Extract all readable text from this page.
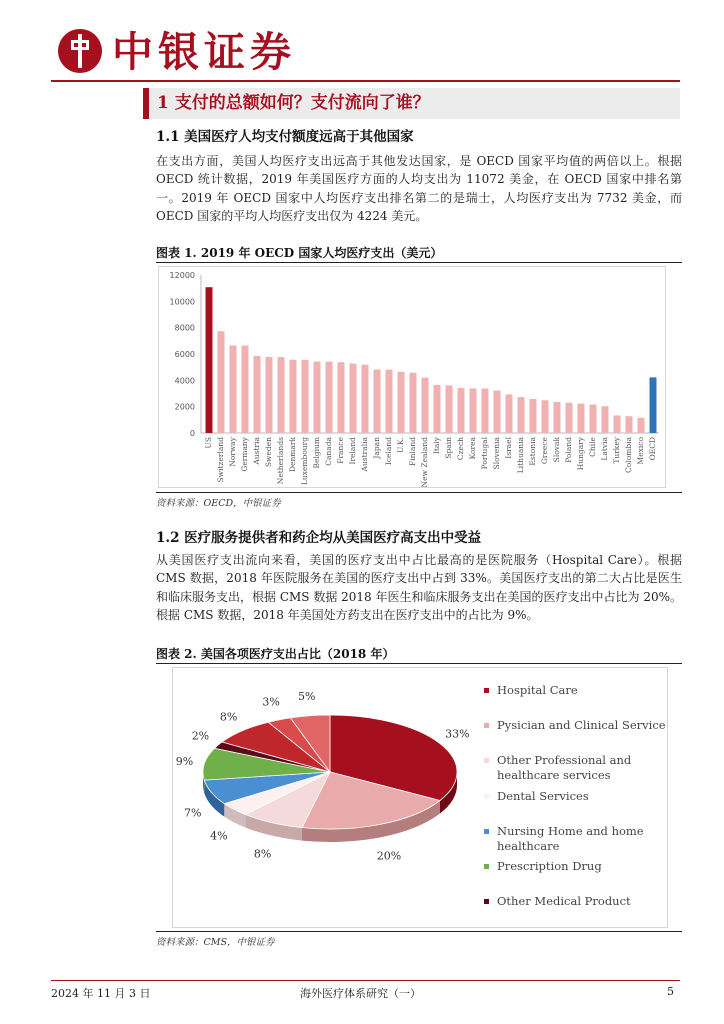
中银证券
1 支付的总额如何？支付流向了谁？
1.1 美国医疗人均支付额度远高于其他国家
在支出方面，美国人均医疗支出远高于其他发达国家，是 OECD 国家平均值的两倍以上。根据 OECD 统计数据，2019 年美国医疗方面的人均支出为 11072 美金，在 OECD 国家中排名第一。2019 年 OECD 国家中人均医疗支出排名第二的是瑞士，人均医疗支出为 7732 美金，而 OECD 国家的平均人均医疗支出仅为 4224 美元。
图表 1. 2019 年 OECD 国家人均医疗支出（美元）
0
2000
4000
6000
8000
10000
12000
US Switzerland Norway Germany Austria Sweden Netherlands Denmark Luxembourg Belgium Canada France Ireland Australia Japan Iceland U.K. Finland New Zealand Italy Spain Czech Korea Portugal Slovenia Israel Lithuania Estonia Greece Slovak Poland Hungary Chile Latvia Turkey Colombia Mexico OECD
资料来源：OECD，中银证券
1.2 医疗服务提供者和药企均从美国医疗高支出中受益
从美国医疗支出流向来看，美国的医疗支出中占比最高的是医院服务（Hospital Care）。根据 CMS 数据，2018 年医院服务在美国的医疗支出中占到 33%。美国医疗支出的第二大占比是医生和临床服务支出，根据 CMS 数据 2018 年医生和临床服务支出在美国的医疗支出中占比为 20%。根据 CMS 数据，2018 年美国处方药支出在医疗支出中的占比为 9%。
图表 2. 美国各项医疗支出占比（2018 年）
33%
20%
8%
4%
7%
9%
2%
8%
3% 5%	Hospital Care
Pysician and Clinical Service
Other Professional and healthcare services
Dental Services
Nursing Home and home healthcare
Prescription Drug
Other Medical Product
资料来源：CMS，中银证券
2024 年 11 月 3 日	海外医疗体系研究（一）	5
